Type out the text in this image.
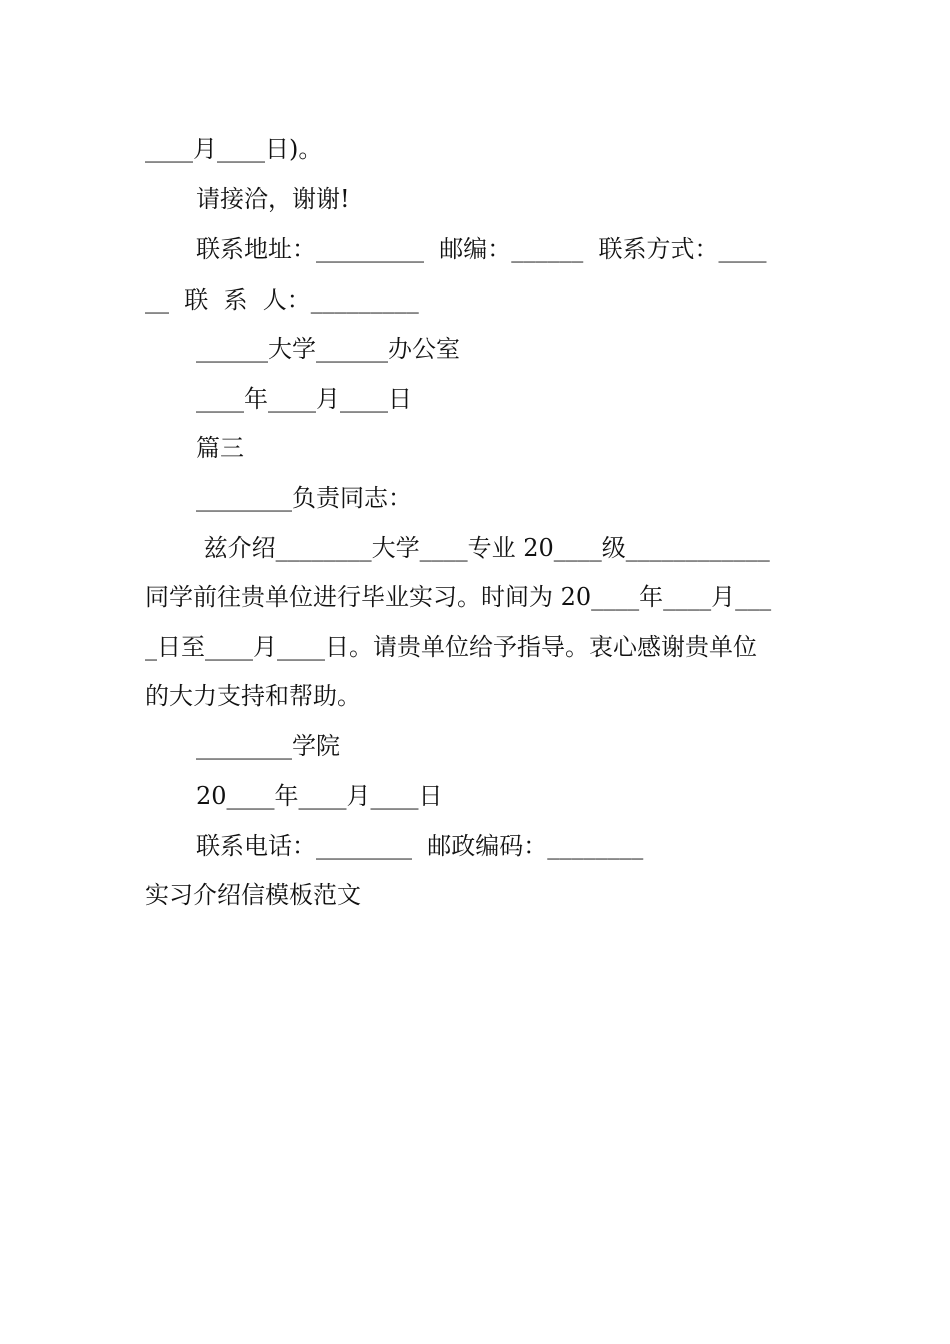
____月____日)。
请接洽，谢谢!
联系地址：_________  邮编：______  联系方式：____
__  联  系  人：_________
______大学______办公室
____年____月____日
篇三
________负责同志：
兹介绍________大学____专业 20____级____________
同学前往贵单位进行毕业实习。时间为 20____年____月___
_日至____月____日。请贵单位给予指导。衷心感谢贵单位
的大力支持和帮助。
________学院
20____年____月____日
联系电话：________  邮政编码：________
实习介绍信模板范文
